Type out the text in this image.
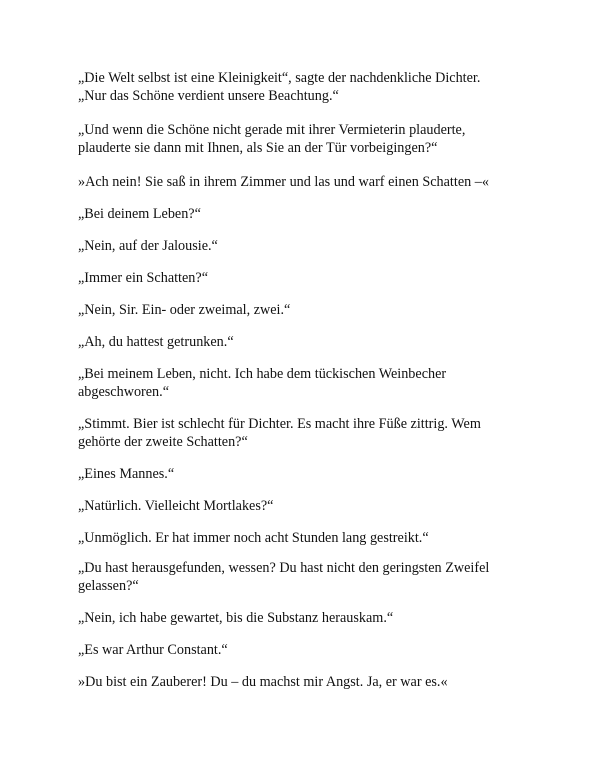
„Die Welt selbst ist eine Kleinigkeit“, sagte der nachdenkliche Dichter.
„Nur das Schöne verdient unsere Beachtung.“

„Und wenn die Schöne nicht gerade mit ihrer Vermieterin plauderte,
plauderte sie dann mit Ihnen, als Sie an der Tür vorbeigingen?“

»Ach nein! Sie saß in ihrem Zimmer und las und warf einen Schatten –«

„Bei deinem Leben?“

„Nein, auf der Jalousie.“

„Immer ein Schatten?“

„Nein, Sir. Ein- oder zweimal, zwei.“

„Ah, du hattest getrunken.“

„Bei meinem Leben, nicht. Ich habe dem tückischen Weinbecher
abgeschworen.“

„Stimmt. Bier ist schlecht für Dichter. Es macht ihre Füße zittrig. Wem
gehörte der zweite Schatten?“

„Eines Mannes.“

„Natürlich. Vielleicht Mortlakes?“

„Unmöglich. Er hat immer noch acht Stunden lang gestreikt.“

„Du hast herausgefunden, wessen? Du hast nicht den geringsten Zweifel
gelassen?“

„Nein, ich habe gewartet, bis die Substanz herauskam.“

„Es war Arthur Constant.“

»Du bist ein Zauberer! Du – du machst mir Angst. Ja, er war es.«
